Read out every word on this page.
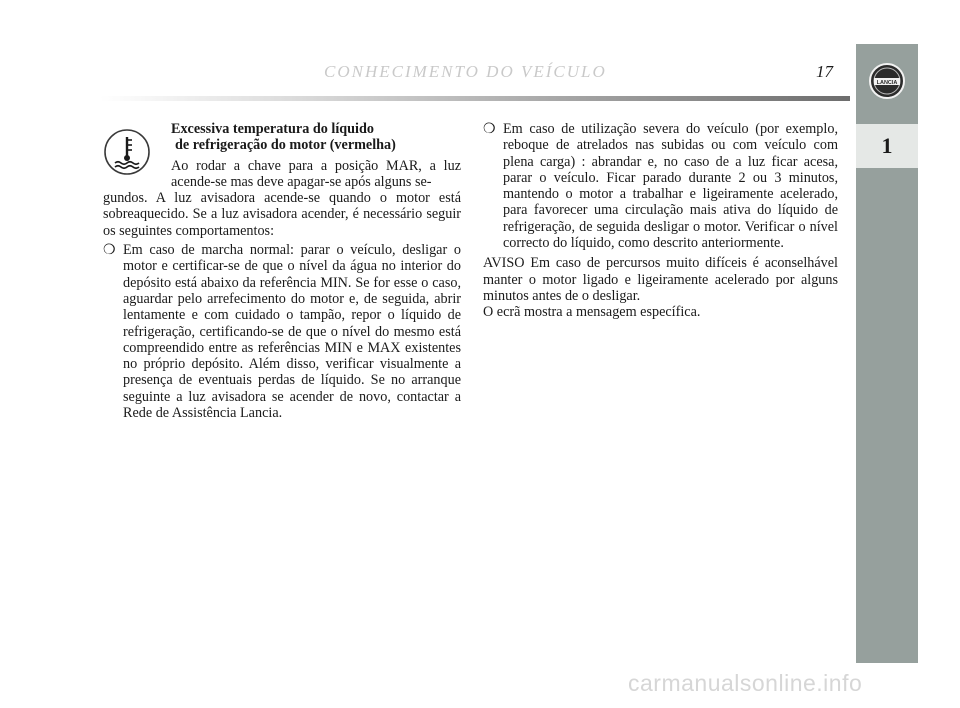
CONHECIMENTO DO VEÍCULO	17
LANCIA
1

Excessiva temperatura do líquido
de refrigeração do motor (vermelha)

Ao rodar a chave para a posição MAR, a luz acende-se mas deve apagar-se após alguns se-
gundos. A luz avisadora acende-se quando o motor está sobreaquecido. Se a luz avisadora acender, é necessário seguir os seguintes comportamentos:

❍ Em caso de marcha normal: parar o veículo, desligar o motor e certificar-se de que o nível da água no interior do depósito está abaixo da referência MIN. Se for esse o caso, aguardar pelo arrefecimento do motor e, de seguida, abrir lentamente e com cuidado o tampão, repor o líquido de refrigeração, certificando-se de que o nível do mesmo está compreendido entre as referências MIN e MAX existentes no próprio depósito. Além disso, verificar visualmente a presença de eventuais perdas de líquido. Se no arranque seguinte a luz avisadora se acender de novo, contactar a Rede de Assistência Lancia.
❍ Em caso de utilização severa do veículo (por exemplo, reboque de atrelados nas subidas ou com veículo com plena carga) : abrandar e, no caso de a luz ficar acesa, parar o veículo. Ficar parado durante 2 ou 3 minutos, mantendo o motor a trabalhar e ligeiramente acelerado, para favorecer uma circulação mais ativa do líquido de refrigeração, de seguida desligar o motor. Verificar o nível correcto do líquido, como descrito anteriormente.

AVISO Em caso de percursos muito difíceis é aconselhável manter o motor ligado e ligeiramente acelerado por alguns minutos antes de o desligar.
O ecrã mostra a mensagem específica.

carmanualsonline.info
